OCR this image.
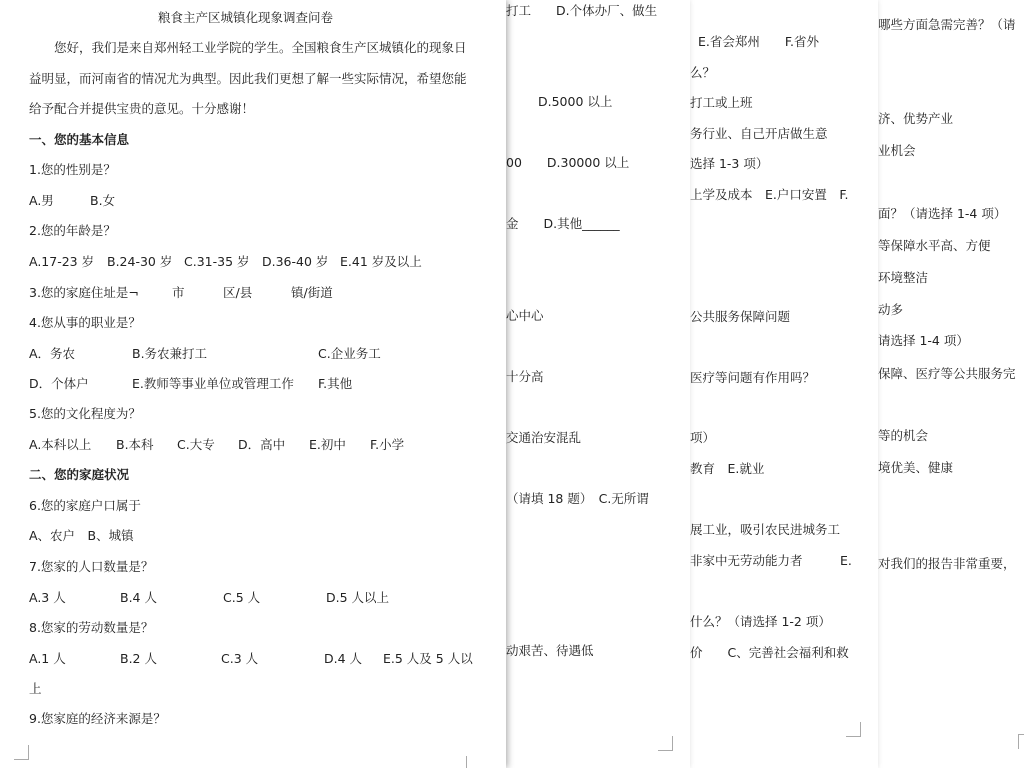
哪些方面急需完善？（请
济、优势产业
业机会
面？（请选择 1-4 项）
等保障水平高、方便
环境整洁
动多
请选择 1-4 项）
保障、医疗等公共服务完
等的机会
境优美、健康
对我们的报告非常重要，
E.省会郑州　　F.省外
么？
打工或上班
务行业、自己开店做生意
选择 1-3 项）
上学及成本　E.户口安置　F.
公共服务保障问题
医疗等问题有作用吗？
项）
教育　E.就业
展工业，吸引农民进城务工
非家中无劳动能力者　　　E.
什么？（请选择 1-2 项）
价　　C、完善社会福利和救
打工　　D.个体办厂、做生
D.5000 以上
00　　D.30000 以上
金　　D.其他______
心中心
十分高
交通治安混乱
（请填 18 题）　C.无所谓
动艰苦、待遇低
粮食主产区城镇化现象调查问卷
您好，我们是来自郑州轻工业学院的学生。全国粮食生产区城镇化的现象日
益明显，而河南省的情况尤为典型。因此我们更想了解一些实际情况，希望您能
给予配合并提供宝贵的意见。十分感谢！
一、您的基本信息
1.您的性别是？
A.男	B.女
2.您的年龄是？
A.17-23 岁 B.24-30 岁 C.31-35 岁 D.36-40 岁 E.41 岁及以上
3.您的家庭住址是¬	市	区/县	镇/街道
4.您从事的职业是？
A．务农	B.务农兼打工	C.企业务工
D．个体户	E.教师等事业单位或管理工作 F.其他
5.您的文化程度为？
A.本科以上 B.本科 C.大专 D．高中 E.初中 F.小学
二、您的家庭状况
6.您的家庭户口属于
A、农户　B、城镇
7.您家的人口数量是？
A.3 人	B.4 人	C.5 人	D.5 人以上
8.您家的劳动数量是？
A.1 人	B.2 人	C.3 人	D.4 人 E.5 人及 5 人以
上
9.您家庭的经济来源是？
